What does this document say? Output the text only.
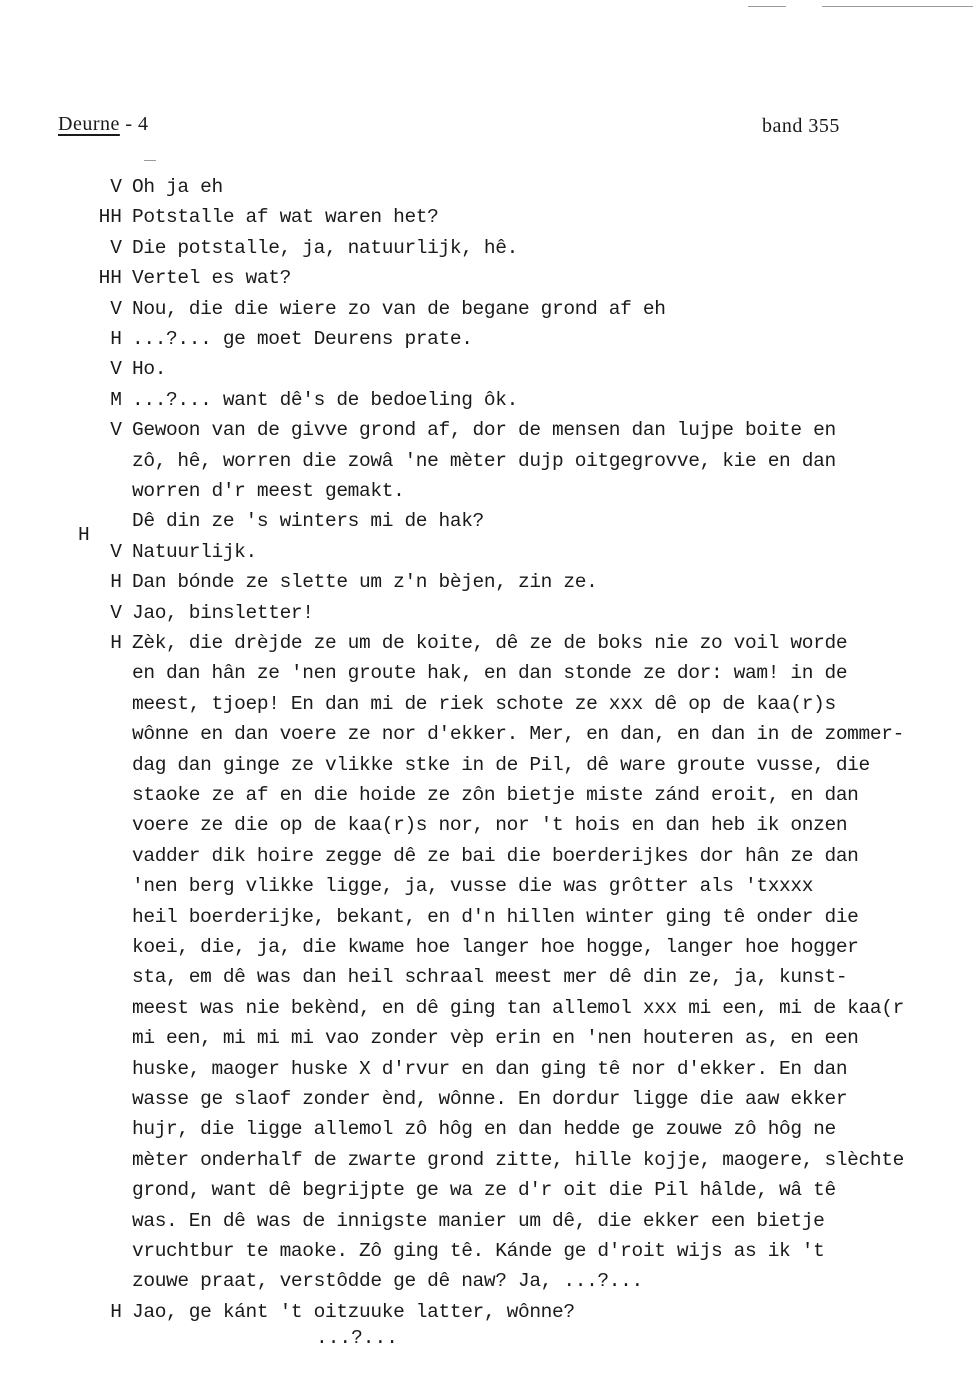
Deurne - 4	band 355
V Oh ja eh
HH Potstalle af wat waren het?
V Die potstalle, ja, natuurlijk, hê.
HH Vertel es wat?
V Nou, die die wiere zo van de begane grond af eh
H ...?... ge moet Deurens prate.
V Ho.
M ...?... want dê's de bedoeling ôk.
V Gewoon van de givve grond af, dor de mensen dan lujpe boite en
zô, hê, worren die zowâ 'ne mèter dujp oitgegrovve, kie en dan
worren d'r meest gemakt.
Dê din ze 's winters mi de hak?
V Natuurlijk.
H Dan bónde ze slette um z'n bèjen, zin ze.
V Jao, binsletter!
H Zèk, die drèjde ze um de koite, dê ze de boks nie zo voil worde
en dan hân ze 'nen groute hak, en dan stonde ze dor: wam! in de
meest, tjoep! En dan mi de riek schote ze xxx dê op de kaa(r)s
wônne en dan voere ze nor d'ekker. Mer, en dan, en dan in de zommer-
dag dan ginge ze vlikke stke in de Pil, dê ware groute vusse, die
staoke ze af en die hoide ze zôn bietje miste zánd eroit, en dan
voere ze die op de kaa(r)s nor, nor 't hois en dan heb ik onzen
vadder dik hoire zegge dê ze bai die boerderijkes dor hân ze dan
'nen berg vlikke ligge, ja, vusse die was grôtter als 'txxxx
heil boerderijke, bekant, en d'n hillen winter ging tê onder die
koei, die, ja, die kwame hoe langer hoe hogge, langer hoe hogger
sta, em dê was dan heil schraal meest mer dê din ze, ja, kunst-
meest was nie bekènd, en dê ging tan allemol xxx mi een, mi de kaa(r
mi een, mi mi mi vao zonder vèp erin en 'nen houteren as, en een
huske, maoger huske X d'rvur en dan ging tê nor d'ekker. En dan
wasse ge slaof zonder ènd, wônne. En dordur ligge die aaw ekker
hujr, die ligge allemol zô hôg en dan hedde ge zouwe zô hôg ne
mèter onderhalf de zwarte grond zitte, hille kojje, maogere, slèchte
grond, want dê begrijpte ge wa ze d'r oit die Pil hâlde, wâ tê
was. En dê was de innigste manier um dê, die ekker een bietje
vruchtbur te maoke. Zô ging tê. Kánde ge d'roit wijs as ik 't
zouwe praat, verstôdde ge dê naw? Ja, ...?...
H Jao, ge kánt 't oitzuuke latter, wônne?
H
...?...
